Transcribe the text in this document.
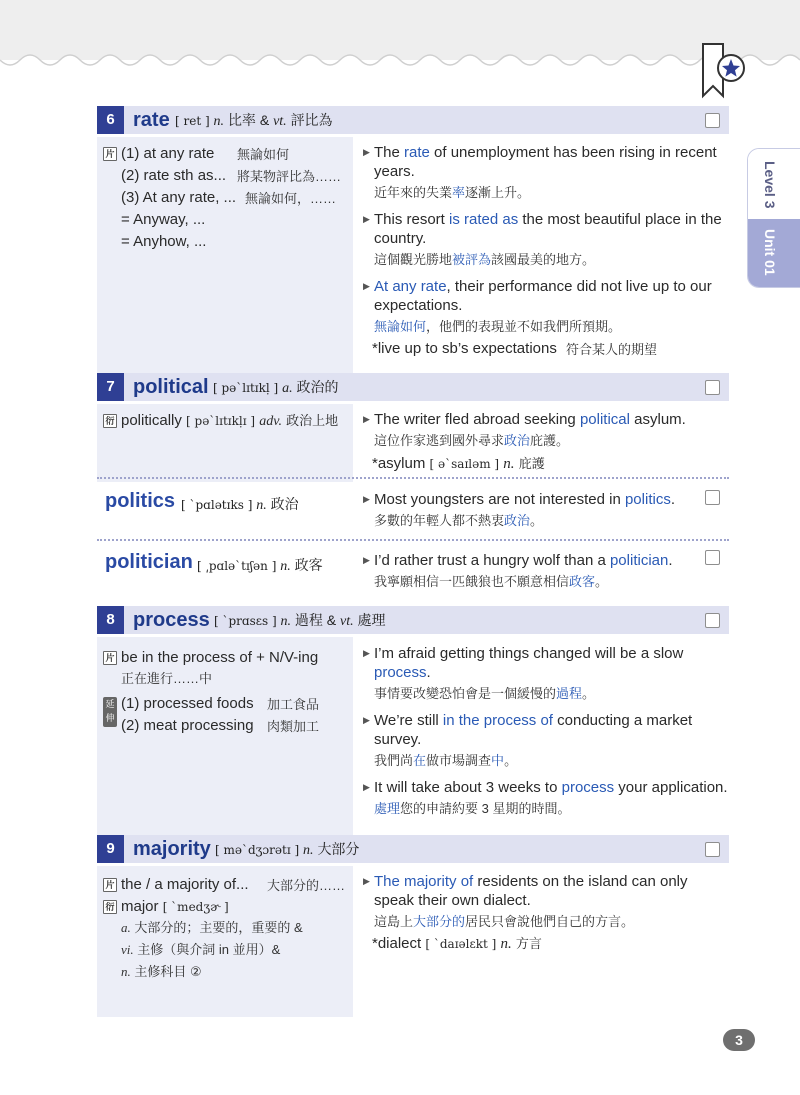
Level 3
Unit 01
6 rate [ ret ] n. 比率 & vt. 評比為
片 (1) at any rate 無論如何
(2) rate sth as... 將某物評比為……
(3) At any rate, ... 無論如何，……
= Anyway, ...
= Anyhow, ...
▶ The rate of unemployment has been rising in recent
years.
近年來的失業率逐漸上升。
▶ This resort is rated as the most beautiful place in the
country.
這個觀光勝地被評為該國最美的地方。
▶ At any rate, their performance did not live up to our
expectations.
無論如何，他們的表現並不如我們所預期。
*live up to sb’s expectations 符合某人的期望
7 political [ pəˋlɪtɪkḷ ] a. 政治的
衍 politically [ pəˋlɪtɪkḷɪ ] adv. 政治上地	▶ The writer fled abroad seeking political asylum.
這位作家逃到國外尋求政治庇護。
*asylum [ əˋsaɪləm ] n. 庇護
politics [ ˋpɑlətɪks ] n. 政治	▶ Most youngsters are not interested in politics.
多數的年輕人都不熱衷政治。
politician [ ͵pɑləˋtɪʃən ] n. 政客	▶ I’d rather trust a hungry wolf than a politician.
我寧願相信一匹餓狼也不願意相信政客。
8 process [ ˋprɑsɛs ] n. 過程 & vt. 處理
片 be in the process of + N/V-ing
正在進行……中
延伸
(1) processed foods 加工食品
(2) meat processing 肉類加工
▶ I’m afraid getting things changed will be a slow
process.
事情要改變恐怕會是一個緩慢的過程。
▶ We’re still in the process of conducting a market
survey.
我們尚在做市場調查中。
▶ It will take about 3 weeks to process your application.
處理您的申請約要 3 星期的時間。
9 majority [ məˋdʒɔrətɪ ] n. 大部分
片 the / a majority of... 大部分的……
衍 major [ ˋmedʒɚ ]
a. 大部分的；主要的，重要的 &
vi. 主修（與介詞 in 並用）&
n. 主修科目 ②
▶ The majority of residents on the island can only
speak their own dialect.
這島上大部分的居民只會說他們自己的方言。
*dialect [ ˋdaɪəlɛkt ] n. 方言
3
